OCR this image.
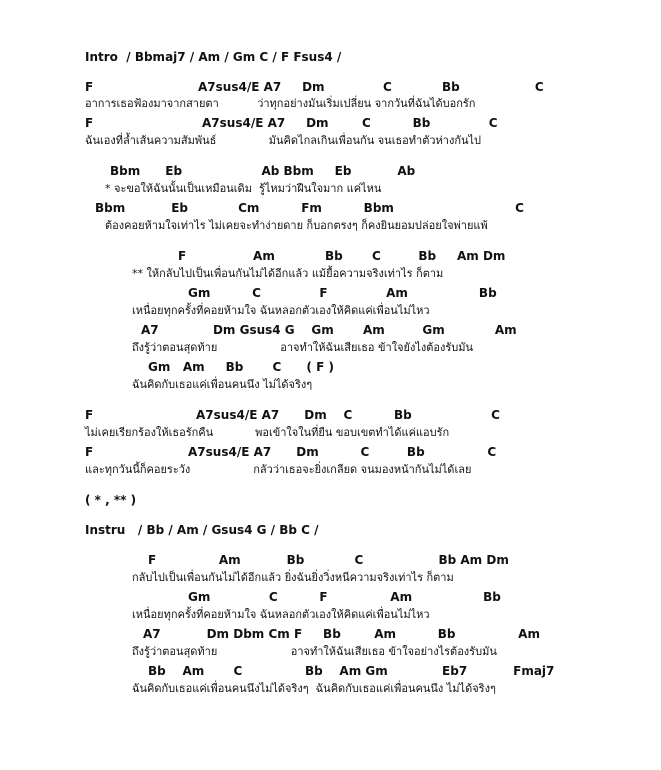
Intro  / Bbmaj7 / Am / Gm C / F Fsus4 /
F	A7sus4/E A7     Dm              C            Bb                  C
อาการเธอฟ้องมาจากสายตา           ว่าทุกอย่างมันเริ่มเปลี่ยน จากวันที่ฉันได้บอกรัก
F	A7sus4/E A7     Dm        C          Bb              C
ฉันเองที่ล้ำเส้นความสัมพันธ์               มันคิดไกลเกินเพื่อนกัน จนเธอทำตัวห่างกันไป
Bbm      Eb                   Ab Bbm     Eb           Ab
* จะขอให้ฉันนั้นเป็นเหมือนเดิม  รู้ไหมว่าฝืนใจมาก แค่ไหน
Bbm           Eb            Cm          Fm          Bbm                             C
ต้องคอยห้ามใจเท่าไร ไม่เคยจะทำง่ายดาย ก็บอกตรงๆ ก็คงยินยอมปล่อยใจพ่ายแพ้
F                Am            Bb       C         Bb     Am Dm
** ให้กลับไปเป็นเพื่อนกันไม่ได้อีกแล้ว แม้ยื้อความจริงเท่าไร ก็ตาม
Gm          C              F              Am                 Bb
เหนื่อยทุกครั้งที่คอยห้ามใจ ฉันหลอกตัวเองให้คิดแค่เพื่อนไม่ไหว
A7             Dm Gsus4 G    Gm       Am         Gm            Am
ถึงรู้ว่าตอนสุดท้าย                  อาจทำให้ฉันเสียเธอ ข้าใจยังไงต้องรับมัน
Gm   Am     Bb       C      ( F )
ฉันคิดกับเธอแค่เพื่อนคนนึง ไม่ได้จริงๆ
F	A7sus4/E A7      Dm    C          Bb                   C
ไม่เคยเรียกร้องให้เธอรักคืน            พอเข้าใจในที่ยืน ขอบเขตทำได้แค่แอบรัก
F	A7sus4/E A7      Dm          C         Bb               C
และทุกวันนี้ก็คอยระวัง                  กลัวว่าเธอจะยิ่งเกลียด จนมองหน้ากันไม่ได้เลย
( * , ** )
Instru   / Bb / Am / Gsus4 G / Bb C /
F               Am           Bb            C                  Bb Am Dm
กลับไปเป็นเพื่อนกันไม่ได้อีกแล้ว ยิ่งฉันยิ่งวิ่งหนีความจริงเท่าไร ก็ตาม
Gm              C          F               Am                 Bb
เหนื่อยทุกครั้งที่คอยห้ามใจ ฉันหลอกตัวเองให้คิดแค่เพื่อนไม่ไหว
A7           Dm Dbm Cm F     Bb        Am          Bb               Am
ถึงรู้ว่าตอนสุดท้าย                     อาจทำให้ฉันเสียเธอ ข้าใจอย่างไรต้องรับมัน
Bb    Am       C               Bb    Am Gm             Eb7           Fmaj7
ฉันคิดกับเธอแค่เพื่อนคนนึงไม่ได้จริงๆ  ฉันคิดกับเธอแค่เพื่อนคนนึง ไม่ได้จริงๆ
